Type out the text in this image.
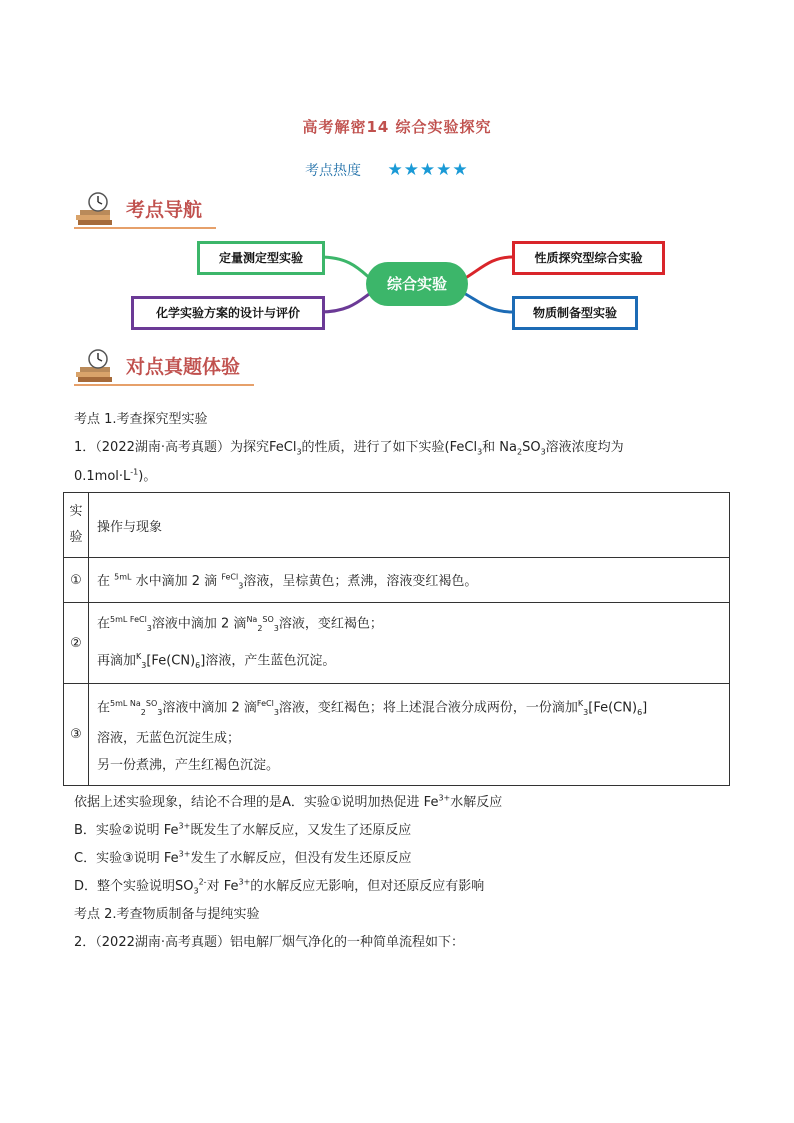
高考解密14 综合实验探究
考点热度 ★★★★★
考点导航
定量测定型实验
化学实验方案的设计与评价
综合实验
性质探究型综合实验
物质制备型实验
对点真题体验
考点 1.考查探究型实验
1．（2022湖南·高考真题）为探究FeCl$_3$的性质，进行了如下实验(FeCl$_3$和 $Na_2SO_3$溶液浓度均为
$0.1mol\cdot L^{-1}$)。
实验	操作与现象
①	在 $^{5mL}$ 水中滴加 2 滴 $^{FeCl}_3$溶液，呈棕黄色；煮沸，溶液变红褐色。
②	在$^{5mL FeCl}_3$溶液中滴加 2 滴$^{Na}_2^{SO}_3$溶液，变红褐色；
再滴加$^K_3[Fe(CN)_6]$溶液，产生蓝色沉淀。

③	在$^{5mL Na}_2^{SO}_3$溶液中滴加 2 滴$^{FeCl}_3$溶液，变红褐色；将上述混合液分成两份，一份滴加$^K_3[Fe(CN)_6]$
溶液，无蓝色沉淀生成；
另一份煮沸，产生红褐色沉淀。
依据上述实验现象，结论不合理的是A．实验①说明加热促进 $Fe^{3+}$水解反应
B．实验②说明 $Fe^{3+}$既发生了水解反应，又发生了还原反应
C．实验③说明 $Fe^{3+}$发生了水解反应，但没有发生还原反应
D．整个实验说明$SO_3^{2-}$对 $Fe^{3+}$的水解反应无影响，但对还原反应有影响
考点 2.考查物质制备与提纯实验
2．（2022湖南·高考真题）铝电解厂烟气净化的一种简单流程如下：
